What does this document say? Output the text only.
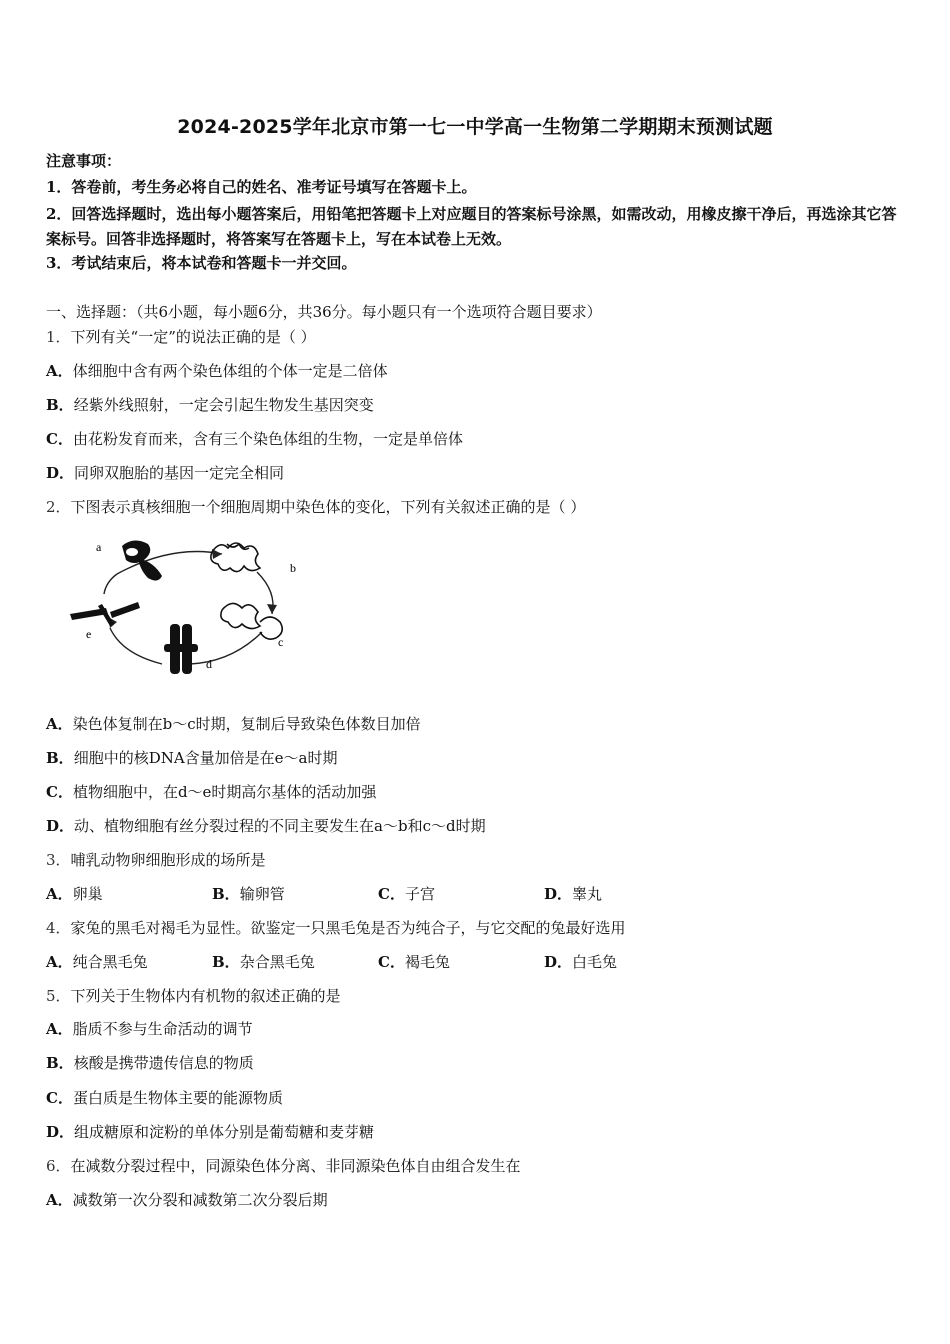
2024-2025学年北京市第一七一中学高一生物第二学期期末预测试题
注意事项：
1．答卷前，考生务必将自己的姓名、准考证号填写在答题卡上。
2．回答选择题时，选出每小题答案后，用铅笔把答题卡上对应题目的答案标号涂黑，如需改动，用橡皮擦干净后，再选涂其它答案标号。回答非选择题时，将答案写在答题卡上，写在本试卷上无效。
3．考试结束后，将本试卷和答题卡一并交回。
一、选择题：（共6小题，每小题6分，共36分。每小题只有一个选项符合题目要求）
1．下列有关“一定”的说法正确的是（ ）
A．体细胞中含有两个染色体组的个体一定是二倍体
B．经紫外线照射，一定会引起生物发生基因突变
C．由花粉发育而来，含有三个染色体组的生物，一定是单倍体
D．同卵双胞胎的基因一定完全相同
2．下图表示真核细胞一个细胞周期中染色体的变化，下列有关叙述正确的是（ ）
a
b
c
d
e
A．染色体复制在b～c时期，复制后导致染色体数目加倍
B．细胞中的核DNA含量加倍是在e～a时期
C．植物细胞中，在d～e时期高尔基体的活动加强
D．动、植物细胞有丝分裂过程的不同主要发生在a～b和c～d时期
3．哺乳动物卵细胞形成的场所是
A．卵巢	B．输卵管	C．子宫	D．睾丸
4．家兔的黑毛对褐毛为显性。欲鉴定一只黑毛兔是否为纯合子，与它交配的兔最好选用
A．纯合黑毛兔	B．杂合黑毛兔	C．褐毛兔	D．白毛兔
5．下列关于生物体内有机物的叙述正确的是
A．脂质不参与生命活动的调节
B．核酸是携带遗传信息的物质
C．蛋白质是生物体主要的能源物质
D．组成糖原和淀粉的单体分别是葡萄糖和麦芽糖
6．在减数分裂过程中，同源染色体分离、非同源染色体自由组合发生在
A．减数第一次分裂和减数第二次分裂后期
